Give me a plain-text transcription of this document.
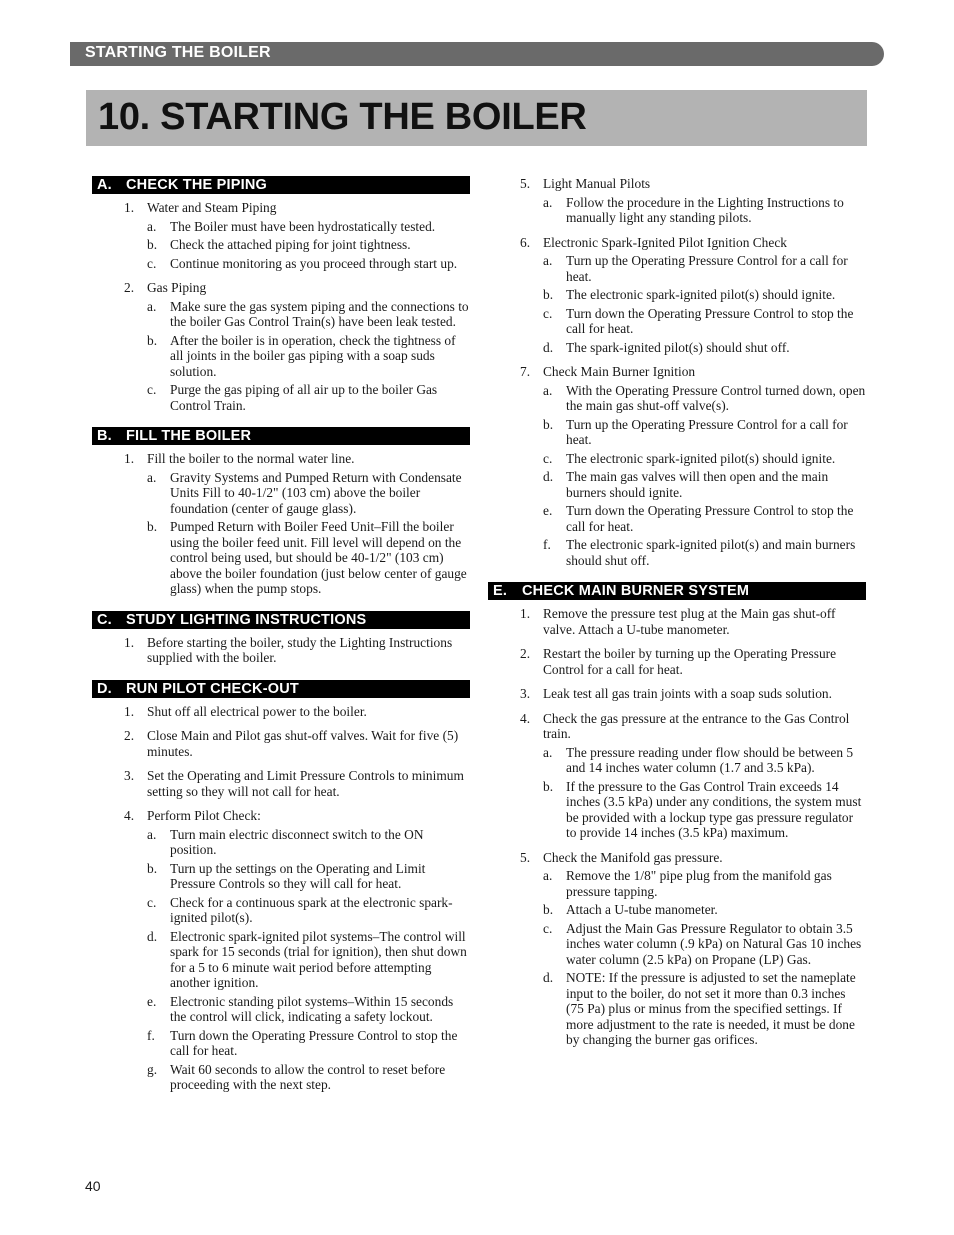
STARTING THE BOILER
10. STARTING THE BOILER
A. CHECK THE PIPING
1. Water and Steam Piping
a.	The Boiler must have been hydrostatically tested.
b. Check the attached piping for joint tightness.
c.	Continue monitoring as you proceed through start up.
2. Gas Piping
a.	Make sure the gas system piping and the connections to the boiler Gas Control Train(s) have been leak tested.
b. After the boiler is in operation, check the tightness of all joints in the boiler gas piping with a soap suds solution.
c.	Purge the gas piping of all air up to the boiler Gas Control Train.
B. FILL THE BOILER
1. Fill the boiler to the normal water line.
a.	Gravity Systems and Pumped Return with Condensate Units Fill to 40-1/2" (103 cm) above the boiler foundation (center of gauge glass).
b. Pumped Return with Boiler Feed Unit–Fill the boiler using the boiler feed unit. Fill level will depend on the control being used, but should be 40-1/2" (103 cm) above the boiler foundation (just below center of gauge glass) when the pump stops.
C. STUDY LIGHTING INSTRUCTIONS
1. Before starting the boiler, study the Lighting Instructions supplied with the boiler.
D. RUN PILOT CHECK-OUT
1. Shut off all electrical power to the boiler.
2. Close Main and Pilot gas shut-off valves. Wait for five (5) minutes.
3. Set the Operating and Limit Pressure Controls to minimum setting so they will not call for heat.
4. Perform Pilot Check:
a.	Turn main electric disconnect switch to the ON position.
b. Turn up the settings on the Operating and Limit Pressure Controls so they will call for heat.
c.	Check for a continuous spark at the electronic spark-ignited pilot(s).
d. Electronic spark-ignited pilot systems–The control will spark for 15 seconds (trial for ignition), then shut down for a 5 to 6 minute wait period before attempting another ignition.
e.	Electronic standing pilot systems–Within 15 seconds the control will click, indicating a safety lockout.
f.	Turn down the Operating Pressure Control to stop the call for heat.
g. Wait 60 seconds to allow the control to reset before proceeding with the next step.
5. Light Manual Pilots
a.	Follow the procedure in the Lighting Instructions to manually light any standing pilots.
6. Electronic Spark-Ignited Pilot Ignition Check
a.	Turn up the Operating Pressure Control for a call for heat.
b. The electronic spark-ignited pilot(s) should ignite.
c.	Turn down the Operating Pressure Control to stop the call for heat.
d. The spark-ignited pilot(s) should shut off.
7. Check Main Burner Ignition
a.	With the Operating Pressure Control turned down, open the main gas shut-off valve(s).
b. Turn up the Operating Pressure Control for a call for heat.
c.	The electronic spark-ignited pilot(s) should ignite.
d. The main gas valves will then open and the main burners should ignite.
e.	Turn down the Operating Pressure Control to stop the call for heat.
f.	The electronic spark-ignited pilot(s) and main burners should shut off.
E. CHECK MAIN BURNER SYSTEM
1. Remove the pressure test plug at the Main gas shut-off valve. Attach a U-tube manometer.
2. Restart the boiler by turning up the Operating Pressure Control for a call for heat.
3. Leak test all gas train joints with a soap suds solution.
4. Check the gas pressure at the entrance to the Gas Control train.
a.	The pressure reading under flow should be between 5 and 14 inches water column (1.7 and 3.5 kPa).
b. If the pressure to the Gas Control Train exceeds 14 inches (3.5 kPa) under any conditions, the system must be provided with a lockup type gas pressure regulator to provide 14 inches (3.5 kPa) maximum.
5. Check the Manifold gas pressure.
a.	Remove the 1/8" pipe plug from the manifold gas pressure tapping.
b. Attach a U-tube manometer.
c.	Adjust the Main Gas Pressure Regulator to obtain 3.5 inches water column (.9 kPa) on Natural Gas 10 inches water column (2.5 kPa) on Propane (LP) Gas.
d. NOTE: If the pressure is adjusted to set the nameplate input to the boiler, do not set it more than 0.3 inches (75 Pa) plus or minus from the specified settings. If more adjustment to the rate is needed, it must be done by changing the burner gas orifices.
40
